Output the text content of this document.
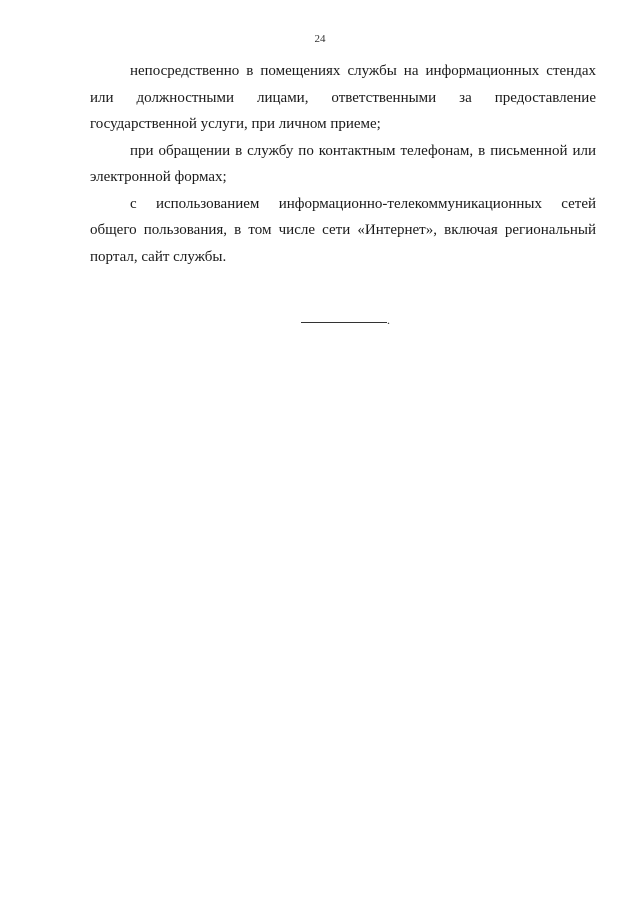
24

непосредственно в помещениях службы на информационных стендах или должностными лицами, ответственными за предоставление государственной услуги, при личном приеме;

при обращении в службу по контактным телефонам, в письменной или электронной формах;

с использованием информационно-телекоммуникационных сетей общего пользования, в том числе сети «Интернет», включая региональный портал, сайт службы.

.
